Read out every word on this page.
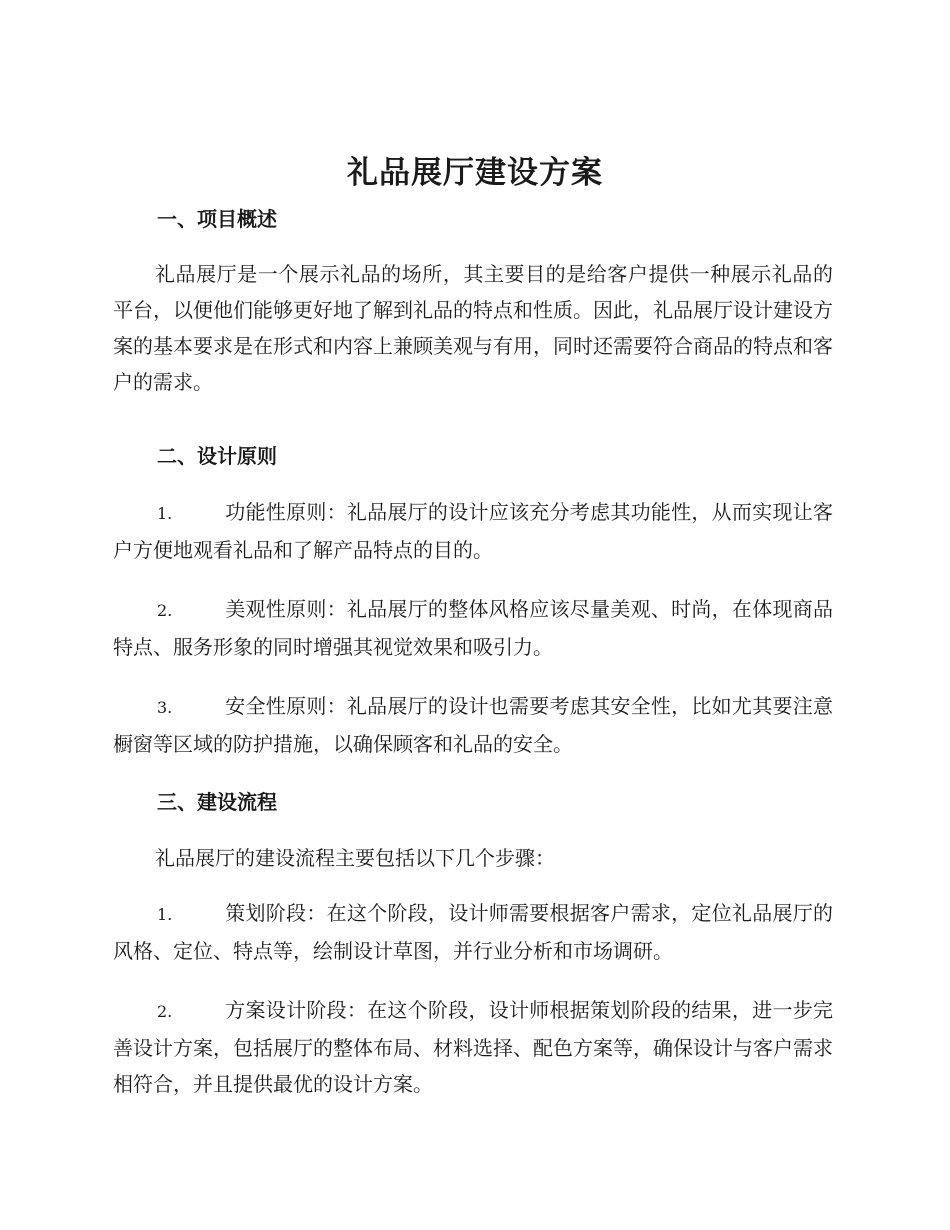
礼品展厅建设方案
一、项目概述
礼品展厅是一个展示礼品的场所，其主要目的是给客户提供一种展示礼品的平台，以便他们能够更好地了解到礼品的特点和性质。因此，礼品展厅设计建设方案的基本要求是在形式和内容上兼顾美观与有用，同时还需要符合商品的特点和客户的需求。
二、设计原则
1.	功能性原则：礼品展厅的设计应该充分考虑其功能性，从而实现让客户方便地观看礼品和了解产品特点的目的。
2.	美观性原则：礼品展厅的整体风格应该尽量美观、时尚，在体现商品特点、服务形象的同时增强其视觉效果和吸引力。
3.	安全性原则：礼品展厅的设计也需要考虑其安全性，比如尤其要注意橱窗等区域的防护措施，以确保顾客和礼品的安全。
三、建设流程
礼品展厅的建设流程主要包括以下几个步骤：
1.	策划阶段：在这个阶段，设计师需要根据客户需求，定位礼品展厅的风格、定位、特点等，绘制设计草图，并行业分析和市场调研。
2.	方案设计阶段：在这个阶段，设计师根据策划阶段的结果，进一步完善设计方案，包括展厅的整体布局、材料选择、配色方案等，确保设计与客户需求相符合，并且提供最优的设计方案。
